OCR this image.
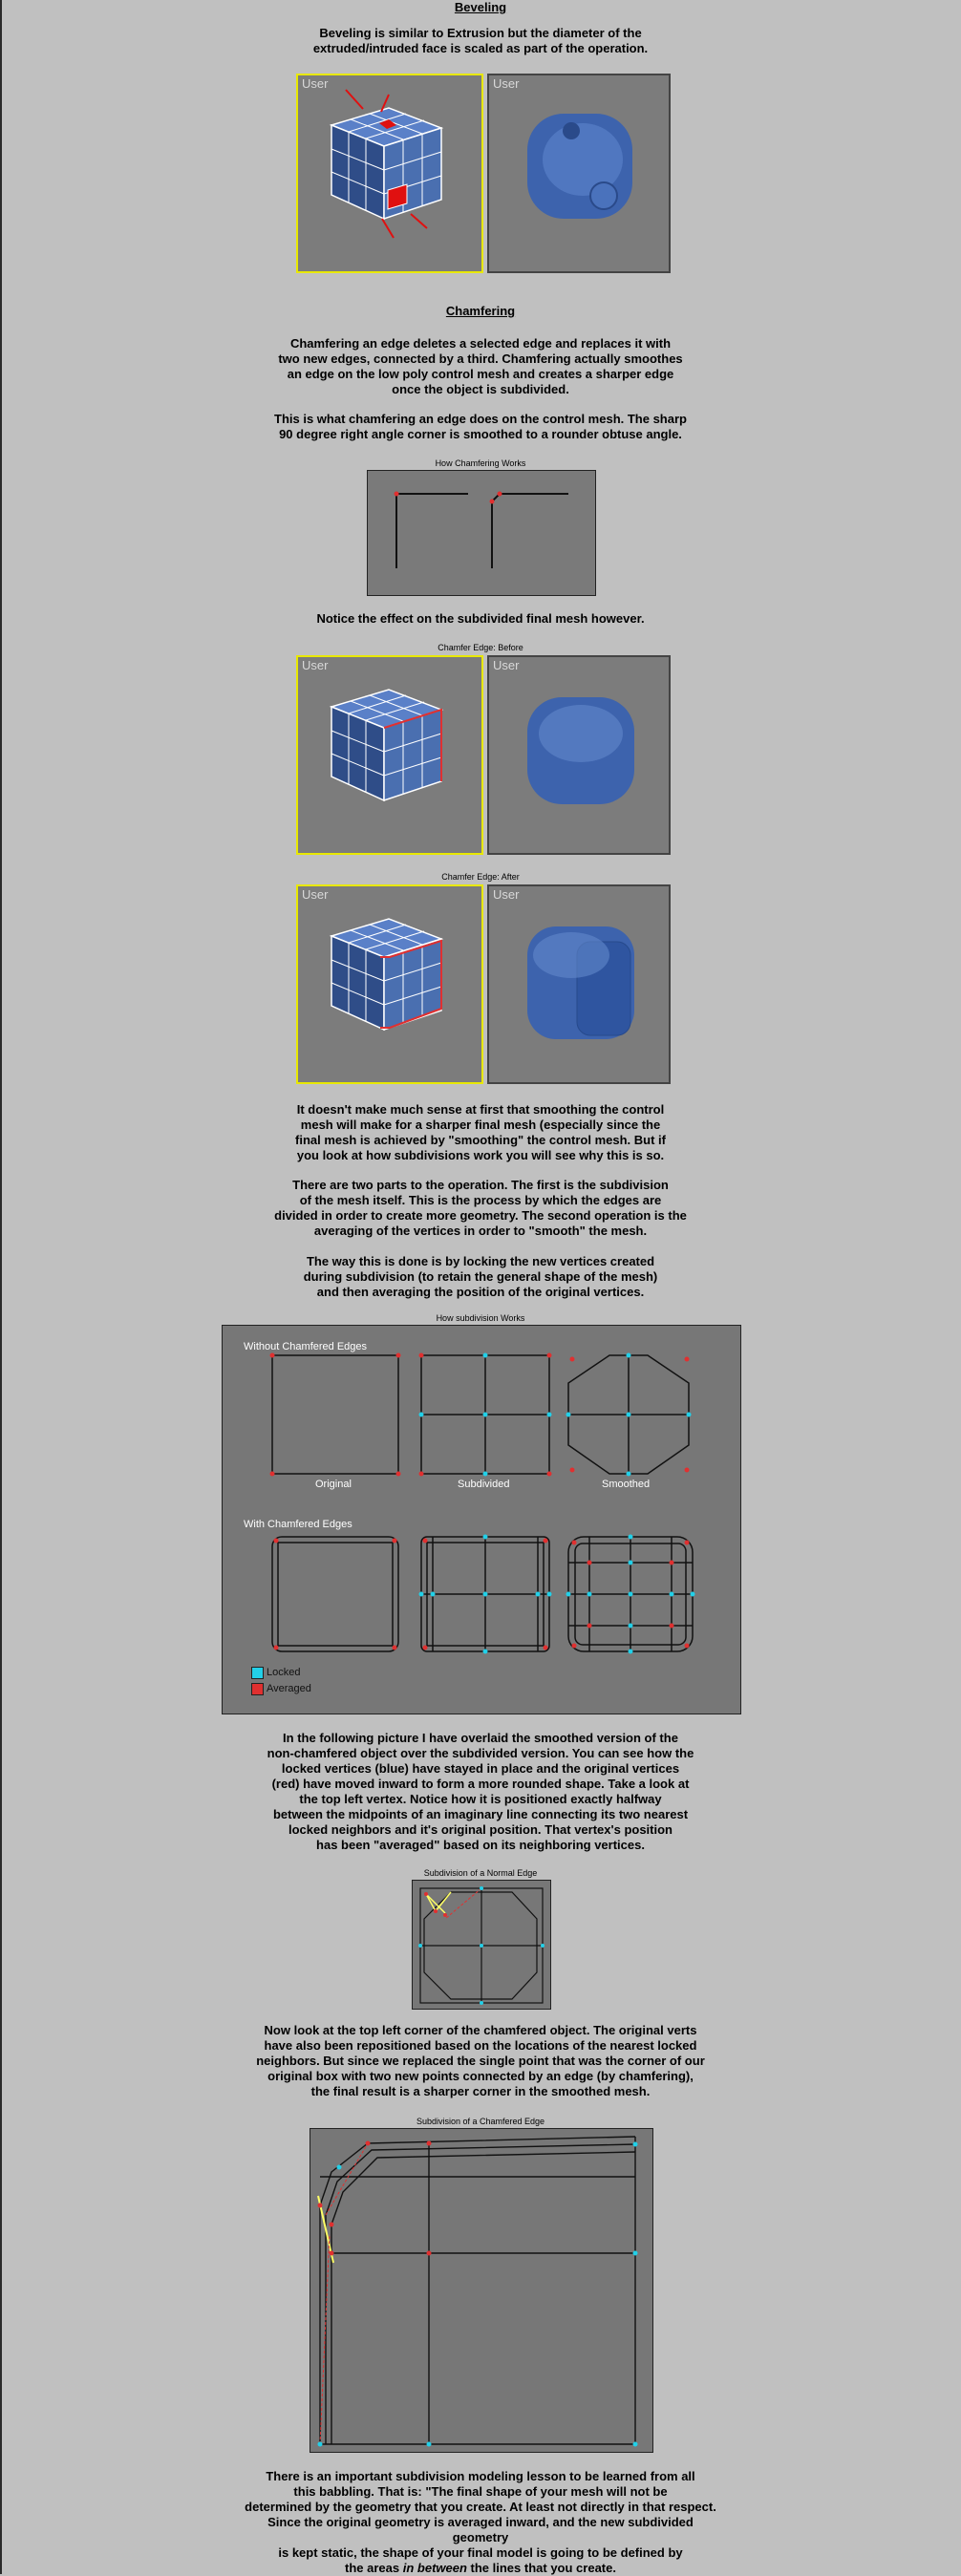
Beveling

Beveling is similar to Extrusion but the diameter of the

extruded/intruded face is scaled as part of the operation.

User	User
Chamfering

Chamfering an edge deletes a selected edge and replaces it with

two new edges, connected by a third. Chamfering actually smoothes

an edge on the low poly control mesh and creates a sharper edge

once the object is subdivided.

This is what chamfering an edge does on the control mesh. The sharp

90 degree right angle corner is smoothed to a rounder obtuse angle.

How Chamfering Works
Notice the effect on the subdivided final mesh however.
Chamfer Edge: Before
User	User
Chamfer Edge: After
User	User

It doesn't make much sense at first that smoothing the control

mesh will make for a sharper final mesh (especially since the

final mesh is achieved by "smoothing" the control mesh. But if

you look at how subdivisions work you will see why this is so.

There are two parts to the operation. The first is the subdivision

of the mesh itself. This is the process by which the edges are

divided in order to create more geometry. The second operation is the

averaging of the vertices in order to "smooth" the mesh.

The way this is done is by locking the new vertices created

during subdivision (to retain the general shape of the mesh)

and then averaging the position of the original vertices.

How subdivision Works
Without Chamfered Edges
With Chamfered Edges
Original	Subdivided	Smoothed
Locked
Averaged

In the following picture I have overlaid the smoothed version of the

non-chamfered object over the subdivided version. You can see how the

locked vertices (blue) have stayed in place and the original vertices

(red) have moved inward to form a more rounded shape. Take a look at

the top left vertex. Notice how it is positioned exactly halfway

between the midpoints of an imaginary line connecting its two nearest

locked neighbors and it's original position. That vertex's position

has been "averaged" based on its neighboring vertices.

Subdivision of a Normal Edge

Now look at the top left corner of the chamfered object. The original verts

have also been repositioned based on the locations of the nearest locked

neighbors. But since we replaced the single point that was the corner of our

original box with two new points connected by an edge (by chamfering),

the final result is a sharper corner in the smoothed mesh.

Subdivision of a Chamfered Edge

There is an important subdivision modeling lesson to be learned from all

this babbling. That is: "The final shape of your mesh will not be

determined by the geometry that you create. At least not directly in that respect.

Since the original geometry is averaged inward, and the new subdivided geometry

is kept static, the shape of your final model is going to be defined by

the areas in between the lines that you create.
